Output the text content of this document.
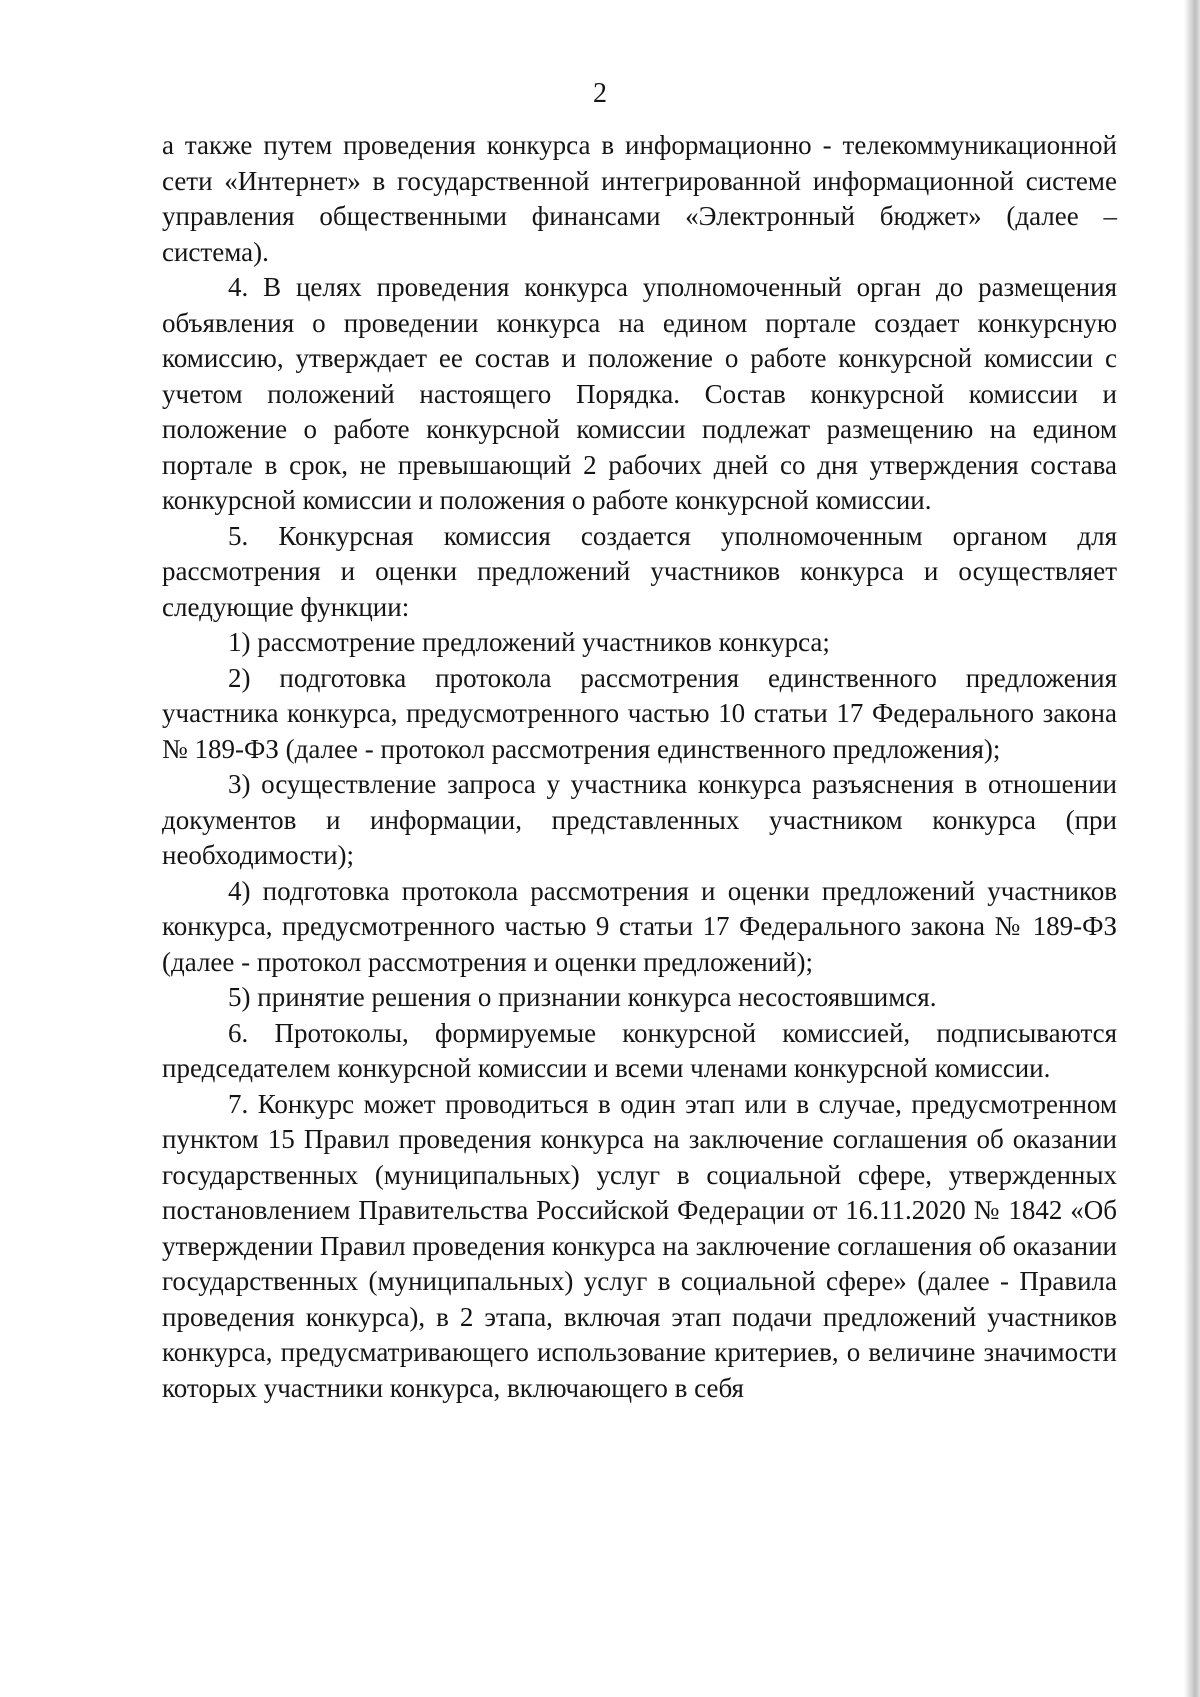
2

а также путем проведения конкурса в информационно - телекоммуникационной сети «Интернет» в государственной интегрированной информационной системе управления общественными финансами «Электронный бюджет» (далее – система).

4. В целях проведения конкурса уполномоченный орган до размещения объявления о проведении конкурса на едином портале создает конкурсную комиссию, утверждает ее состав и положение о работе конкурсной комиссии с учетом положений настоящего Порядка. Состав конкурсной комиссии и положение о работе конкурсной комиссии подлежат размещению на едином портале в срок, не превышающий 2 рабочих дней со дня утверждения состава конкурсной комиссии и положения о работе конкурсной комиссии.

5. Конкурсная комиссия создается уполномоченным органом для рассмотрения и оценки предложений участников конкурса и осуществляет следующие функции:

1) рассмотрение предложений участников конкурса;

2) подготовка протокола рассмотрения единственного предложения участника конкурса, предусмотренного частью 10 статьи 17 Федерального закона № 189-ФЗ (далее - протокол рассмотрения единственного предложения);

3) осуществление запроса у участника конкурса разъяснения в отношении документов и информации, представленных участником конкурса (при необходимости);

4) подготовка протокола рассмотрения и оценки предложений участников конкурса, предусмотренного частью 9 статьи 17 Федерального закона № 189-ФЗ (далее - протокол рассмотрения и оценки предложений);

5) принятие решения о признании конкурса несостоявшимся.

6. Протоколы, формируемые конкурсной комиссией, подписываются председателем конкурсной комиссии и всеми членами конкурсной комиссии.

7. Конкурс может проводиться в один этап или в случае, предусмотренном пунктом 15 Правил проведения конкурса на заключение соглашения об оказании государственных (муниципальных) услуг в социальной сфере, утвержденных постановлением Правительства Российской Федерации от 16.11.2020 № 1842 «Об утверждении Правил проведения конкурса на заключение соглашения об оказании государственных (муниципальных) услуг в социальной сфере» (далее - Правила проведения конкурса), в 2 этапа, включая этап подачи предложений участников конкурса, предусматривающего использование критериев, о величине значимости которых участники конкурса, включающего в себя
